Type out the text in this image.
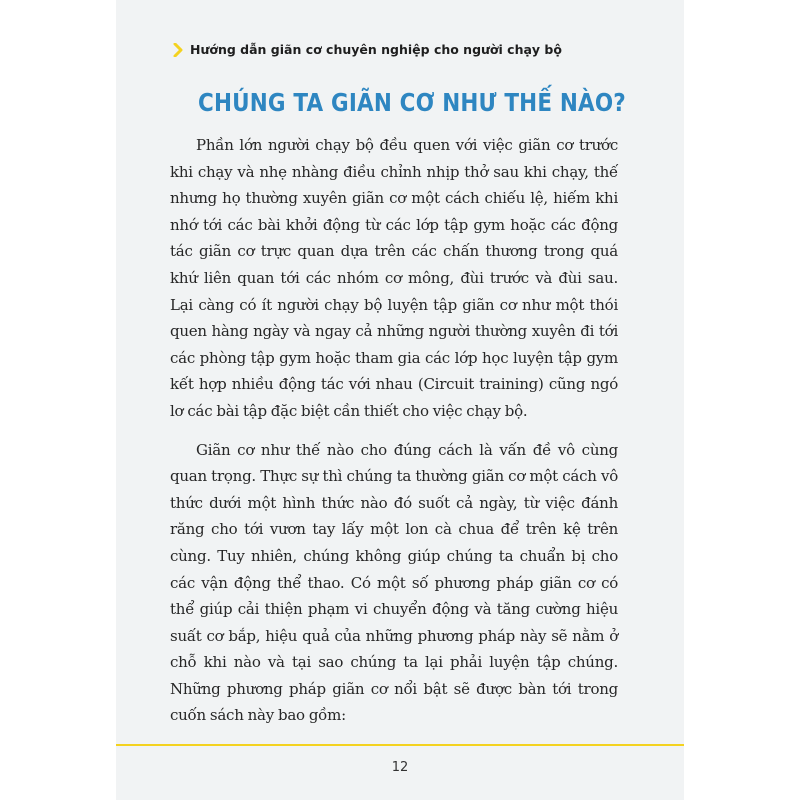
Hướng dẫn giãn cơ chuyên nghiệp cho người chạy bộ
CHÚNG TA GIÃN CƠ NHƯ THẾ NÀO?

Phần lớn người chạy bộ đều quen với việc giãn cơ trước khi chạy và nhẹ nhàng điều chỉnh nhịp thở sau khi chạy, thế nhưng họ thường xuyên giãn cơ một cách chiếu lệ, hiếm khi nhớ tới các bài khởi động từ các lớp tập gym hoặc các động tác giãn cơ trực quan dựa trên các chấn thương trong quá khứ liên quan tới các nhóm cơ mông, đùi trước và đùi sau. Lại càng có ít người chạy bộ luyện tập giãn cơ như một thói quen hàng ngày và ngay cả những người thường xuyên đi tới các phòng tập gym hoặc tham gia các lớp học luyện tập gym kết hợp nhiều động tác với nhau (Circuit training) cũng ngó lơ các bài tập đặc biệt cần thiết cho việc chạy bộ.

Giãn cơ như thế nào cho đúng cách là vấn đề vô cùng quan trọng. Thực sự thì chúng ta thường giãn cơ một cách vô thức dưới một hình thức nào đó suốt cả ngày, từ việc đánh răng cho tới vươn tay lấy một lon cà chua để trên kệ trên cùng. Tuy nhiên, chúng không giúp chúng ta chuẩn bị cho các vận động thể thao. Có một số phương pháp giãn cơ có thể giúp cải thiện phạm vi chuyển động và tăng cường hiệu suất cơ bắp, hiệu quả của những phương pháp này sẽ nằm ở chỗ khi nào và tại sao chúng ta lại phải luyện tập chúng. Những phương pháp giãn cơ nổi bật sẽ được bàn tới trong cuốn sách này bao gồm:

12
